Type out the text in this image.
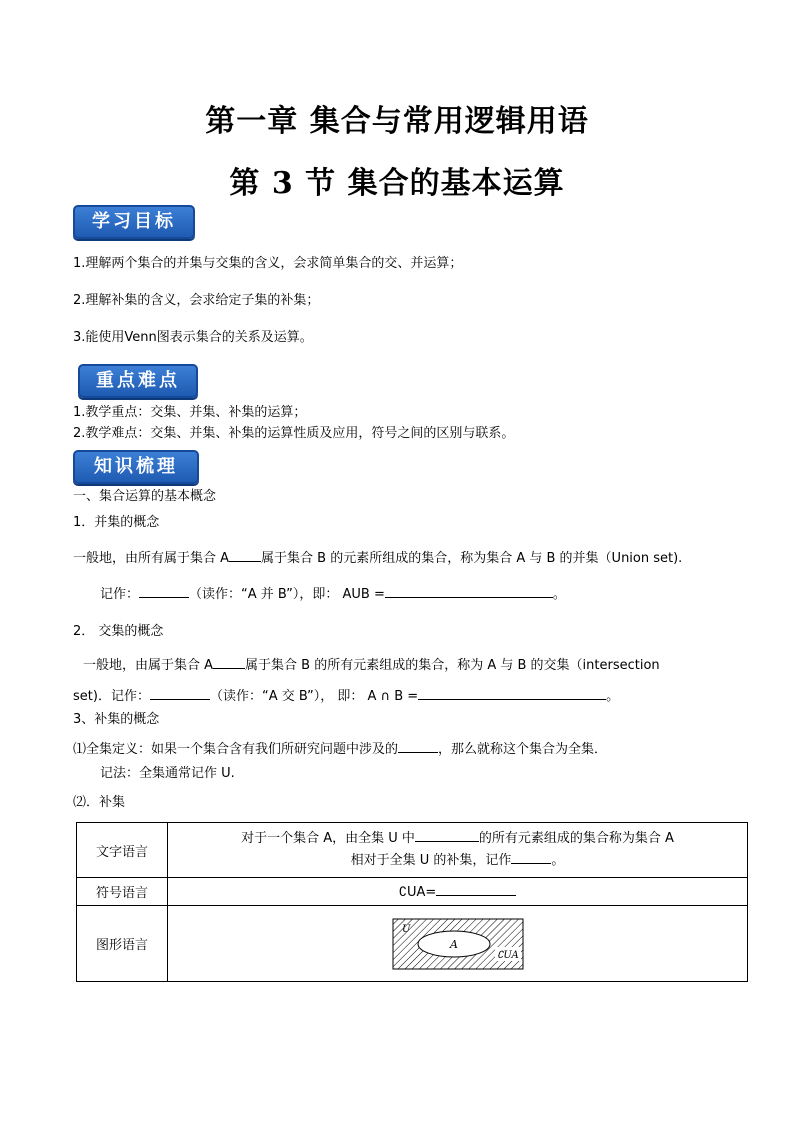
第一章 集合与常用逻辑用语
第 3 节 集合的基本运算
学习目标
1.理解两个集合的并集与交集的含义，会求简单集合的交、并运算；
2.理解补集的含义，会求给定子集的补集；
3.能使用Venn图表示集合的关系及运算。
重点难点
1.教学重点：交集、并集、补集的运算；
2.教学难点：交集、并集、补集的运算性质及应用，符号之间的区别与联系。
知识梳理
一、集合运算的基本概念
1．并集的概念
一般地，由所有属于集合 A 属于集合 B 的元素所组成的集合，称为集合 A 与 B 的并集（Union set).
记作：	（读作：“A 并 B”），即： AUB =	。
2． 交集的概念
一般地，由属于集合 A 属于集合 B 的所有元素组成的集合，称为 A 与 B 的交集（intersection
set)．记作：	（读作：“A 交 B”）， 即： A ∩ B =	。
3、补集的概念
⑴全集定义：如果一个集合含有我们所研究问题中涉及的	，那么就称这个集合为全集．
记法：全集通常记作 U.
⑵．补集
文字语言	对于一个集合 A，由全集 U 中 的所有元素组成的集合称为集合 A
相对于全集 U 的补集，记作 。

符号语言	∁UA=
图形语言	U
A
∁UA
